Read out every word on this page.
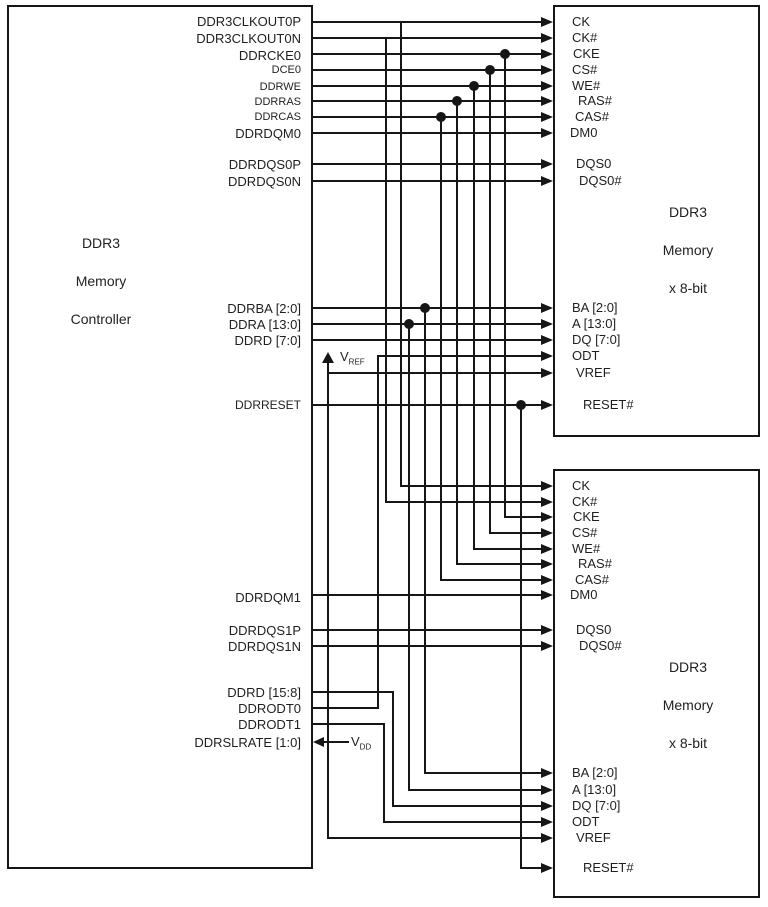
DDR3

Memory

Controller
DDR3

Memory

x 8-bit
DDR3

Memory

x 8-bit
$V_{REF}$
$V_{DD}$
CK
CK#
CKE
CS#
WE#
RAS#
CAS#
DM0
DQS0
DQS0#
BA [2:0]
A [13:0]
DQ [7:0]
ODT
VREF
RESET#
CK
CK#
CKE
CS#
WE#
RAS#
CAS#
DM0
DQS0
DQS0#
BA [2:0]
A [13:0]
DQ [7:0]
ODT
VREF
RESET#
DDR3CLKOUT0P
DDR3CLKOUT0N
DDRCKE0
DCE0
DDRWE
DDRRAS
DDRCAS
DDRDQM0
DDRDQS0P
DDRDQS0N
DDRBA [2:0]
DDRA [13:0]
DDRD [7:0]
DDRRESET
DDRDQM1
DDRDQS1P
DDRDQS1N
DDRD [15:8]
DDRODT0
DDRODT1
DDRSLRATE [1:0]
